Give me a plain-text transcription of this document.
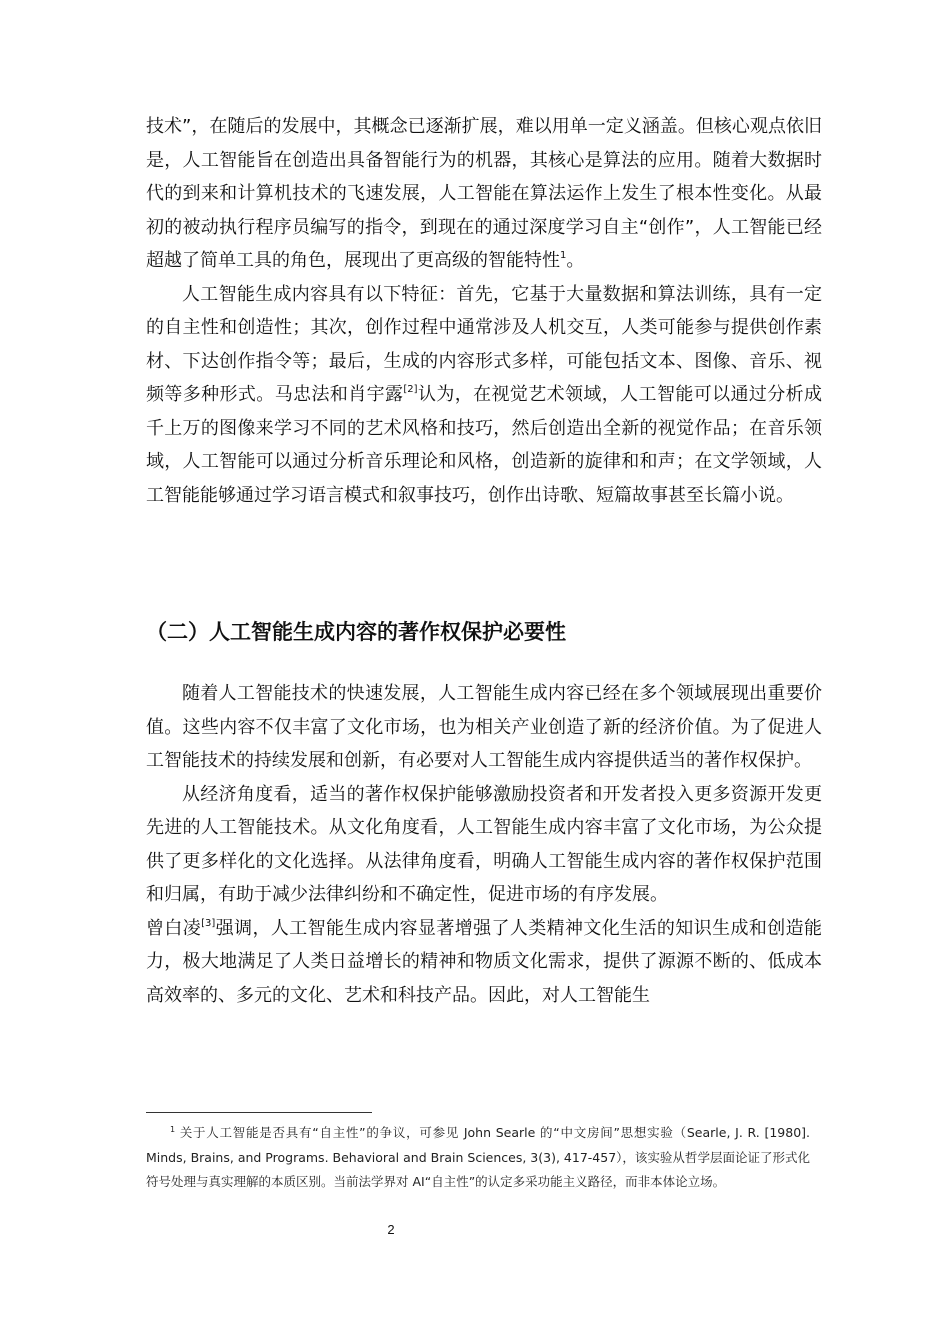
技术”，在随后的发展中，其概念已逐渐扩展，难以用单一定义涵盖。但核心观点依旧是，人工智能旨在创造出具备智能行为的机器，其核心是算法的应用。随着大数据时代的到来和计算机技术的飞速发展，人工智能在算法运作上发生了根本性变化。从最初的被动执行程序员编写的指令，到现在的通过深度学习自主“创作”，人工智能已经超越了简单工具的角色，展现出了更高级的智能特性$^1$。

人工智能生成内容具有以下特征：首先，它基于大量数据和算法训练，具有一定的自主性和创造性；其次，创作过程中通常涉及人机交互，人类可能参与提供创作素材、下达创作指令等；最后，生成的内容形式多样，可能包括文本、图像、音乐、视频等多种形式。马忠法和肖宇露[2]认为，在视觉艺术领域，人工智能可以通过分析成千上万的图像来学习不同的艺术风格和技巧，然后创造出全新的视觉作品；在音乐领域，人工智能可以通过分析音乐理论和风格，创造新的旋律和和声；在文学领域，人工智能能够通过学习语言模式和叙事技巧，创作出诗歌、短篇故事甚至长篇小说。

（二）人工智能生成内容的著作权保护必要性

随着人工智能技术的快速发展，人工智能生成内容已经在多个领域展现出重要价值。这些内容不仅丰富了文化市场，也为相关产业创造了新的经济价值。为了促进人工智能技术的持续发展和创新，有必要对人工智能生成内容提供适当的著作权保护。

从经济角度看，适当的著作权保护能够激励投资者和开发者投入更多资源开发更先进的人工智能技术。从文化角度看，人工智能生成内容丰富了文化市场，为公众提供了更多样化的文化选择。从法律角度看，明确人工智能生成内容的著作权保护范围和归属，有助于减少法律纠纷和不确定性，促进市场的有序发展。

曾白凌[3]强调，人工智能生成内容显著增强了人类精神文化生活的知识生成和创造能力，极大地满足了人类日益增长的精神和物质文化需求，提供了源源不断的、低成本高效率的、多元的文化、艺术和科技产品。因此，对人工智能生

$^1$ 关于人工智能是否具有“自主性”的争议，可参见 John Searle 的“中文房间”思想实验（Searle, J. R. [1980]. Minds, Brains, and Programs. Behavioral and Brain Sciences, 3(3), 417-457），该实验从哲学层面论证了形式化符号处理与真实理解的本质区别。当前法学界对 AI“自主性”的认定多采功能主义路径，而非本体论立场。

2
